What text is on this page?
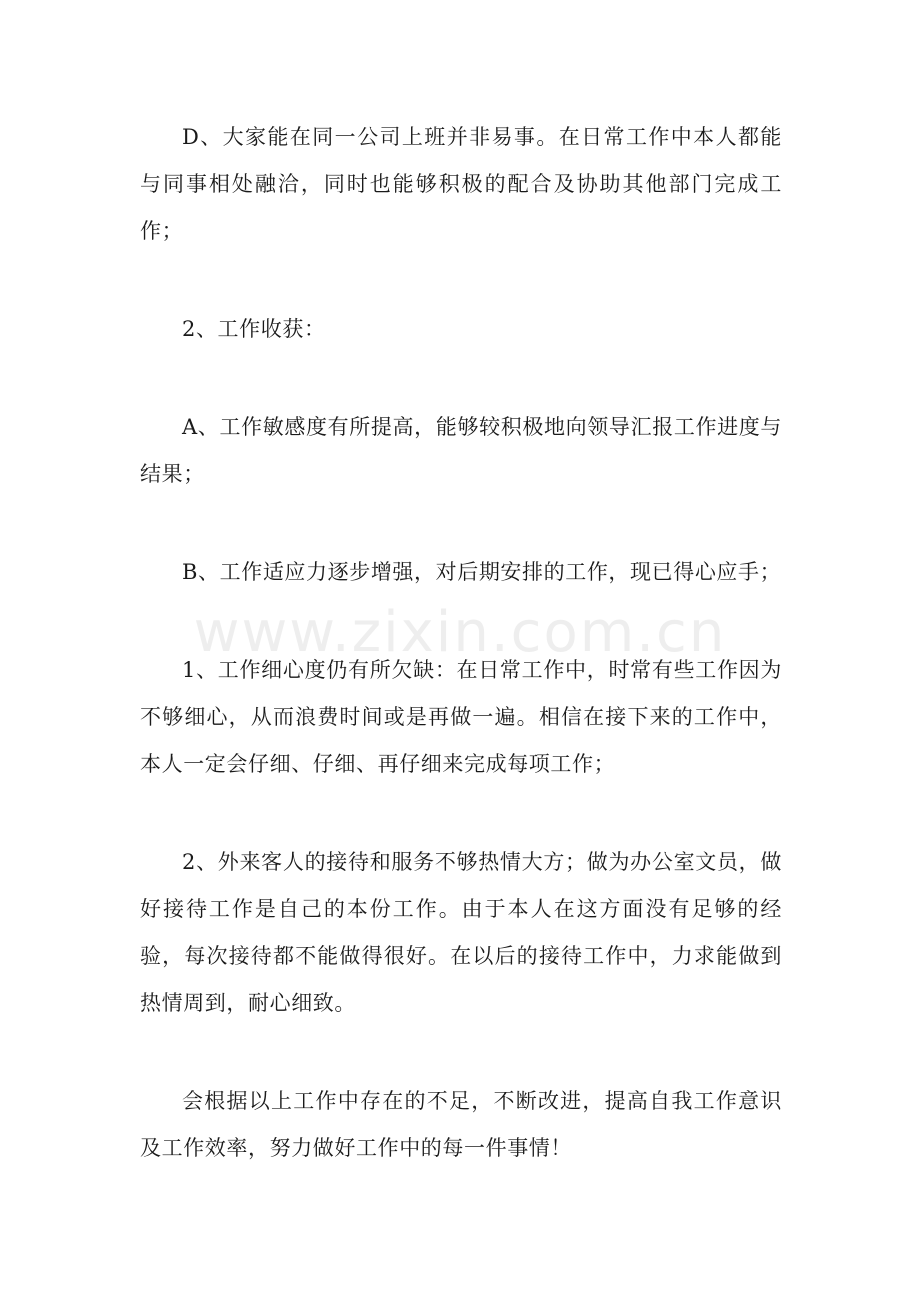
www.zixin.com.cn

D、大家能在同一公司上班并非易事。在日常工作中本人都能与同事相处融洽，同时也能够积极的配合及协助其他部门完成工作；

2、工作收获：

A、工作敏感度有所提高，能够较积极地向领导汇报工作进度与结果；

B、工作适应力逐步增强，对后期安排的工作，现已得心应手；

1、工作细心度仍有所欠缺：在日常工作中，时常有些工作因为不够细心，从而浪费时间或是再做一遍。相信在接下来的工作中，本人一定会仔细、仔细、再仔细来完成每项工作；

2、外来客人的接待和服务不够热情大方；做为办公室文员，做好接待工作是自己的本份工作。由于本人在这方面没有足够的经验，每次接待都不能做得很好。在以后的接待工作中，力求能做到热情周到，耐心细致。

会根据以上工作中存在的不足，不断改进，提高自我工作意识及工作效率，努力做好工作中的每一件事情！
